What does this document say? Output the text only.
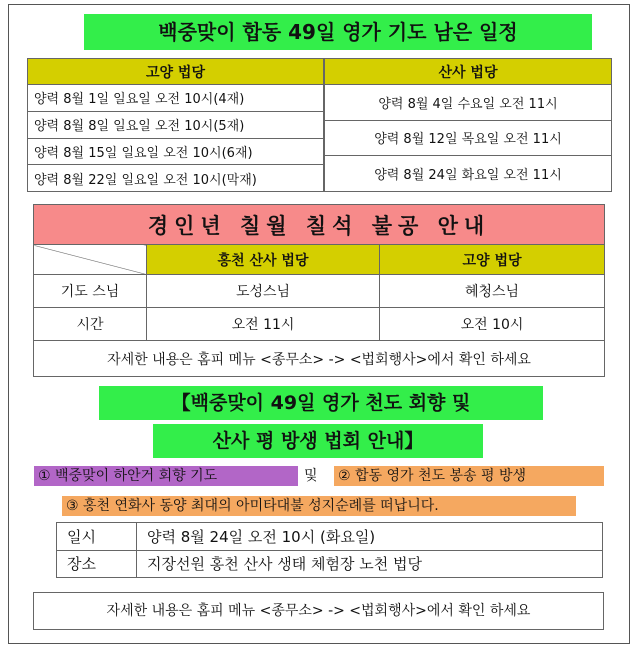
백중맞이 합동 49일 영가 기도 남은 일정
고양 법당
양력 8월 1일 일요일 오전 10시(4재)
양력 8월 8일 일요일 오전 10시(5재)
양력 8월 15일 일요일 오전 10시(6재)
양력 8월 22일 일요일 오전 10시(막재)
산사 법당
양력 8월 4일 수요일 오전 11시
양력 8월 12일 목요일 오전 11시
양력 8월 24일 화요일 오전 11시
경인년 칠월 칠석 불공 안내		
	홍천 산사 법당	고양 법당
기도 스님	도성스님	혜청스님
시간	오전 11시	오전 10시
자세한 내용은 홈피 메뉴 <종무소> -> <법회행사>에서 확인 하세요		
【백중맞이 49일 영가 천도 회향 및
산사 평 방생 법회 안내】
① 백중맞이 하안거 회향 기도	및 ② 합동 영가 천도 봉송 평 방생
③ 홍천 연화사 동양 최대의 아미타대불 성지순례를 떠납니다.
일시	양력 8월 24일 오전 10시 (화요일)
장소	지장선원 홍천 산사 생태 체험장 노천 법당
자세한 내용은 홈피 메뉴 <종무소> -> <법회행사>에서 확인 하세요
